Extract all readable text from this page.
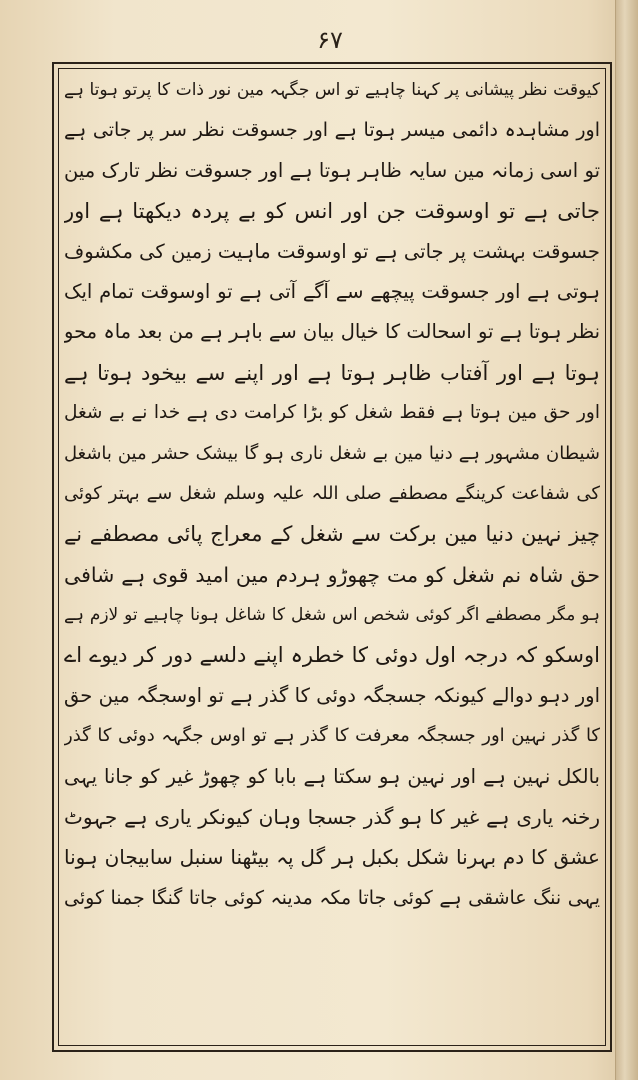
۶۷
کیوقت نظر پیشانی پر کہنا چاہیے تو اس جگہہ مین نور ذات کا پرتو ہوتا ہے
اور مشاہدہ دائمی میسر ہوتا ہے اور جسوقت نظر سر پر جاتی ہے
تو اسی زمانہ مین سایہ ظاہر ہوتا ہے اور جسوقت نظر تارک مین
جاتی ہے تو اوسوقت جن اور انس کو بے پردہ دیکھتا ہے اور
جسوقت بہشت پر جاتی ہے تو اوسوقت ماہیت زمین کی مکشوف
ہوتی ہے اور جسوقت پیچھے سے آگے آتی ہے تو اوسوقت تمام ایک
نظر ہوتا ہے تو اسحالت کا خیال بیان سے باہر ہے من بعد ماہ محو
ہوتا ہے اور آفتاب ظاہر ہوتا ہے اور اپنے سے بیخود ہوتا ہے
اور حق مین ہوتا ہے فقط شغل کو بڑا کرامت دی ہے خدا نے بے شغل
شیطان مشہور ہے دنیا مین بے شغل ناری ہو گا بیشک حشر مین باشغل
کی شفاعت کرینگے مصطفے صلی اللہ علیہ وسلم شغل سے بہتر کوئی
چیز نہین دنیا مین برکت سے شغل کے معراج پائی مصطفے نے
حق شاہ نم شغل کو مت چھوڑو ہردم مین امید قوی ہے شافی
ہو مگر مصطفے اگر کوئی شخص اس شغل کا شاغل ہونا چاہیے تو لازم ہے
اوسکو کہ درجہ اول دوئی کا خطرہ اپنے دلسے دور کر دیوے اے
اور دہو دوالے کیونکہ جسجگہ دوئی کا گذر ہے تو اوسجگہ مین حق
کا گذر نہین اور جسجگہ معرفت کا گذر ہے تو اوس جگہہ دوئی کا گذر
بالکل نہین ہے اور نہین ہو سکتا ہے بابا کو چھوڑ غیر کو جانا یہی
رخنہ یاری ہے غیر کا ہو گذر جسجا وہان کیونکر یاری ہے جہوٹ
عشق کا دم بہرنا شکل بکبل ہر گل پہ بیٹھنا سنبل سابیجان ہونا
یہی ننگ عاشقی ہے کوئی جاتا مکہ مدینہ کوئی جاتا گنگا جمنا کوئی
